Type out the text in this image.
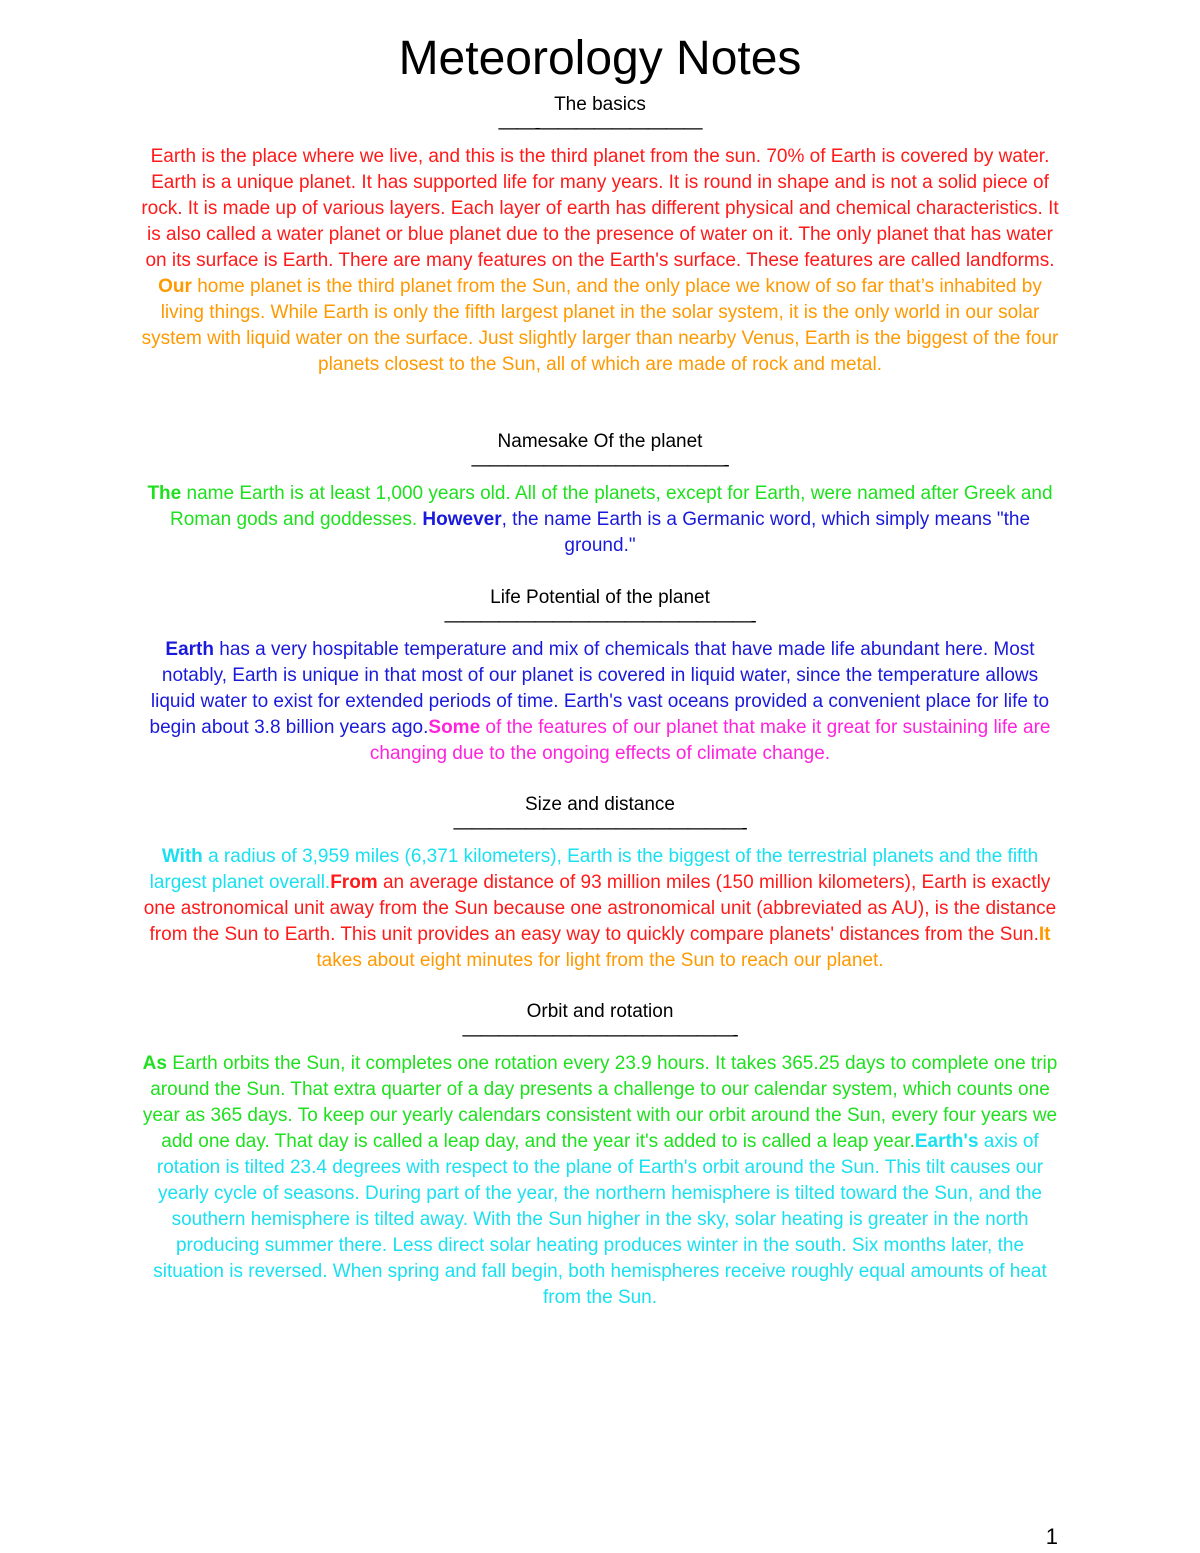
Meteorology Notes
The basics
——-—————————
Earth is the place where we live, and this is the third planet from the sun. 70% of Earth is covered by water. Earth is a unique planet. It has supported life for many years. It is round in shape and is not a solid piece of rock. It is made up of various layers. Each layer of earth has different physical and chemical characteristics. It is also called a water planet or blue planet due to the presence of water on it. The only planet that has water on its surface is Earth. There are many features on the Earth's surface. These features are called landforms. Our home planet is the third planet from the Sun, and the only place we know of so far that’s inhabited by living things. While Earth is only the fifth largest planet in the solar system, it is the only world in our solar system with liquid water on the surface. Just slightly larger than nearby Venus, Earth is the biggest of the four planets closest to the Sun, all of which are made of rock and metal.
Namesake Of the planet
——————————————-
The name Earth is at least 1,000 years old. All of the planets, except for Earth, were named after Greek and Roman gods and goddesses. However, the name Earth is a Germanic word, which simply means "the ground."
Life Potential of the planet
—————————————————-
Earth has a very hospitable temperature and mix of chemicals that have made life abundant here. Most notably, Earth is unique in that most of our planet is covered in liquid water, since the temperature allows liquid water to exist for extended periods of time. Earth's vast oceans provided a convenient place for life to begin about 3.8 billion years ago.Some of the features of our planet that make it great for sustaining life are changing due to the ongoing effects of climate change.
Size and distance
————————————————-
With a radius of 3,959 miles (6,371 kilometers), Earth is the biggest of the terrestrial planets and the fifth largest planet overall.From an average distance of 93 million miles (150 million kilometers), Earth is exactly one astronomical unit away from the Sun because one astronomical unit (abbreviated as AU), is the distance from the Sun to Earth. This unit provides an easy way to quickly compare planets' distances from the Sun.It takes about eight minutes for light from the Sun to reach our planet.
Orbit and rotation
———————————————-
As Earth orbits the Sun, it completes one rotation every 23.9 hours. It takes 365.25 days to complete one trip around the Sun. That extra quarter of a day presents a challenge to our calendar system, which counts one year as 365 days. To keep our yearly calendars consistent with our orbit around the Sun, every four years we add one day. That day is called a leap day, and the year it's added to is called a leap year.Earth's axis of rotation is tilted 23.4 degrees with respect to the plane of Earth's orbit around the Sun. This tilt causes our yearly cycle of seasons. During part of the year, the northern hemisphere is tilted toward the Sun, and the southern hemisphere is tilted away. With the Sun higher in the sky, solar heating is greater in the north producing summer there. Less direct solar heating produces winter in the south. Six months later, the situation is reversed. When spring and fall begin, both hemispheres receive roughly equal amounts of heat from the Sun.
1
